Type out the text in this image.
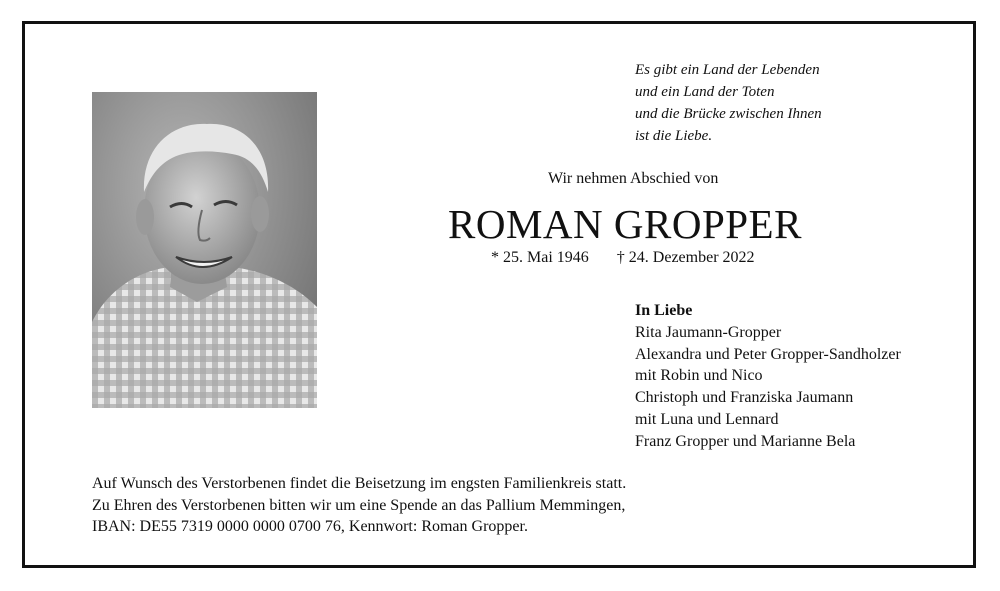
Es gibt ein Land der Lebenden
und ein Land der Toten
und die Brücke zwischen Ihnen
ist die Liebe.
Wir nehmen Abschied von
ROMAN GROPPER
* 25. Mai 1946 † 24. Dezember 2022
In Liebe
Rita Jaumann-Gropper
Alexandra und Peter Gropper-Sandholzer
mit Robin und Nico
Christoph und Franziska Jaumann
mit Luna und Lennard
Franz Gropper und Marianne Bela
Auf Wunsch des Verstorbenen findet die Beisetzung im engsten Familienkreis statt.
Zu Ehren des Verstorbenen bitten wir um eine Spende an das Pallium Memmingen,
IBAN: DE55 7319 0000 0000 0700 76, Kennwort: Roman Gropper.
